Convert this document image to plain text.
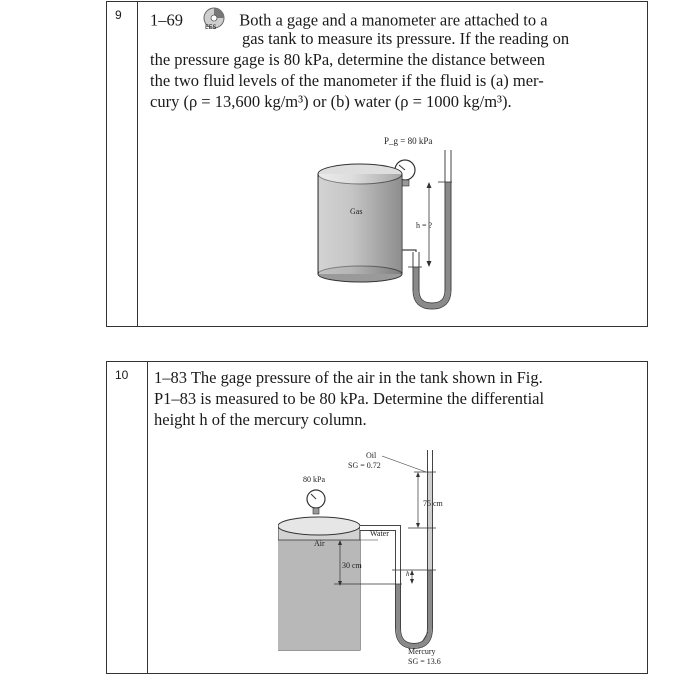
9	1–69	EES Both a gage and a manometer are attached to a
gas tank to measure its pressure. If the reading on
the pressure gage is 80 kPa, determine the distance between
the two fluid levels of the manometer if the fluid is (a) mer-
cury (ρ = 13,600 kg/m³) or (b) water (ρ = 1000 kg/m³).
P_g = 80 kPa
Gas
h = ?
10	1–83 The gage pressure of the air in the tank shown in Fig.
P1–83 is measured to be 80 kPa. Determine the differential
height h of the mercury column.
80 kPa
Air
Oil
SG = 0.72
75 cm
Water
30 cm
h
Mercury
SG = 13.6
